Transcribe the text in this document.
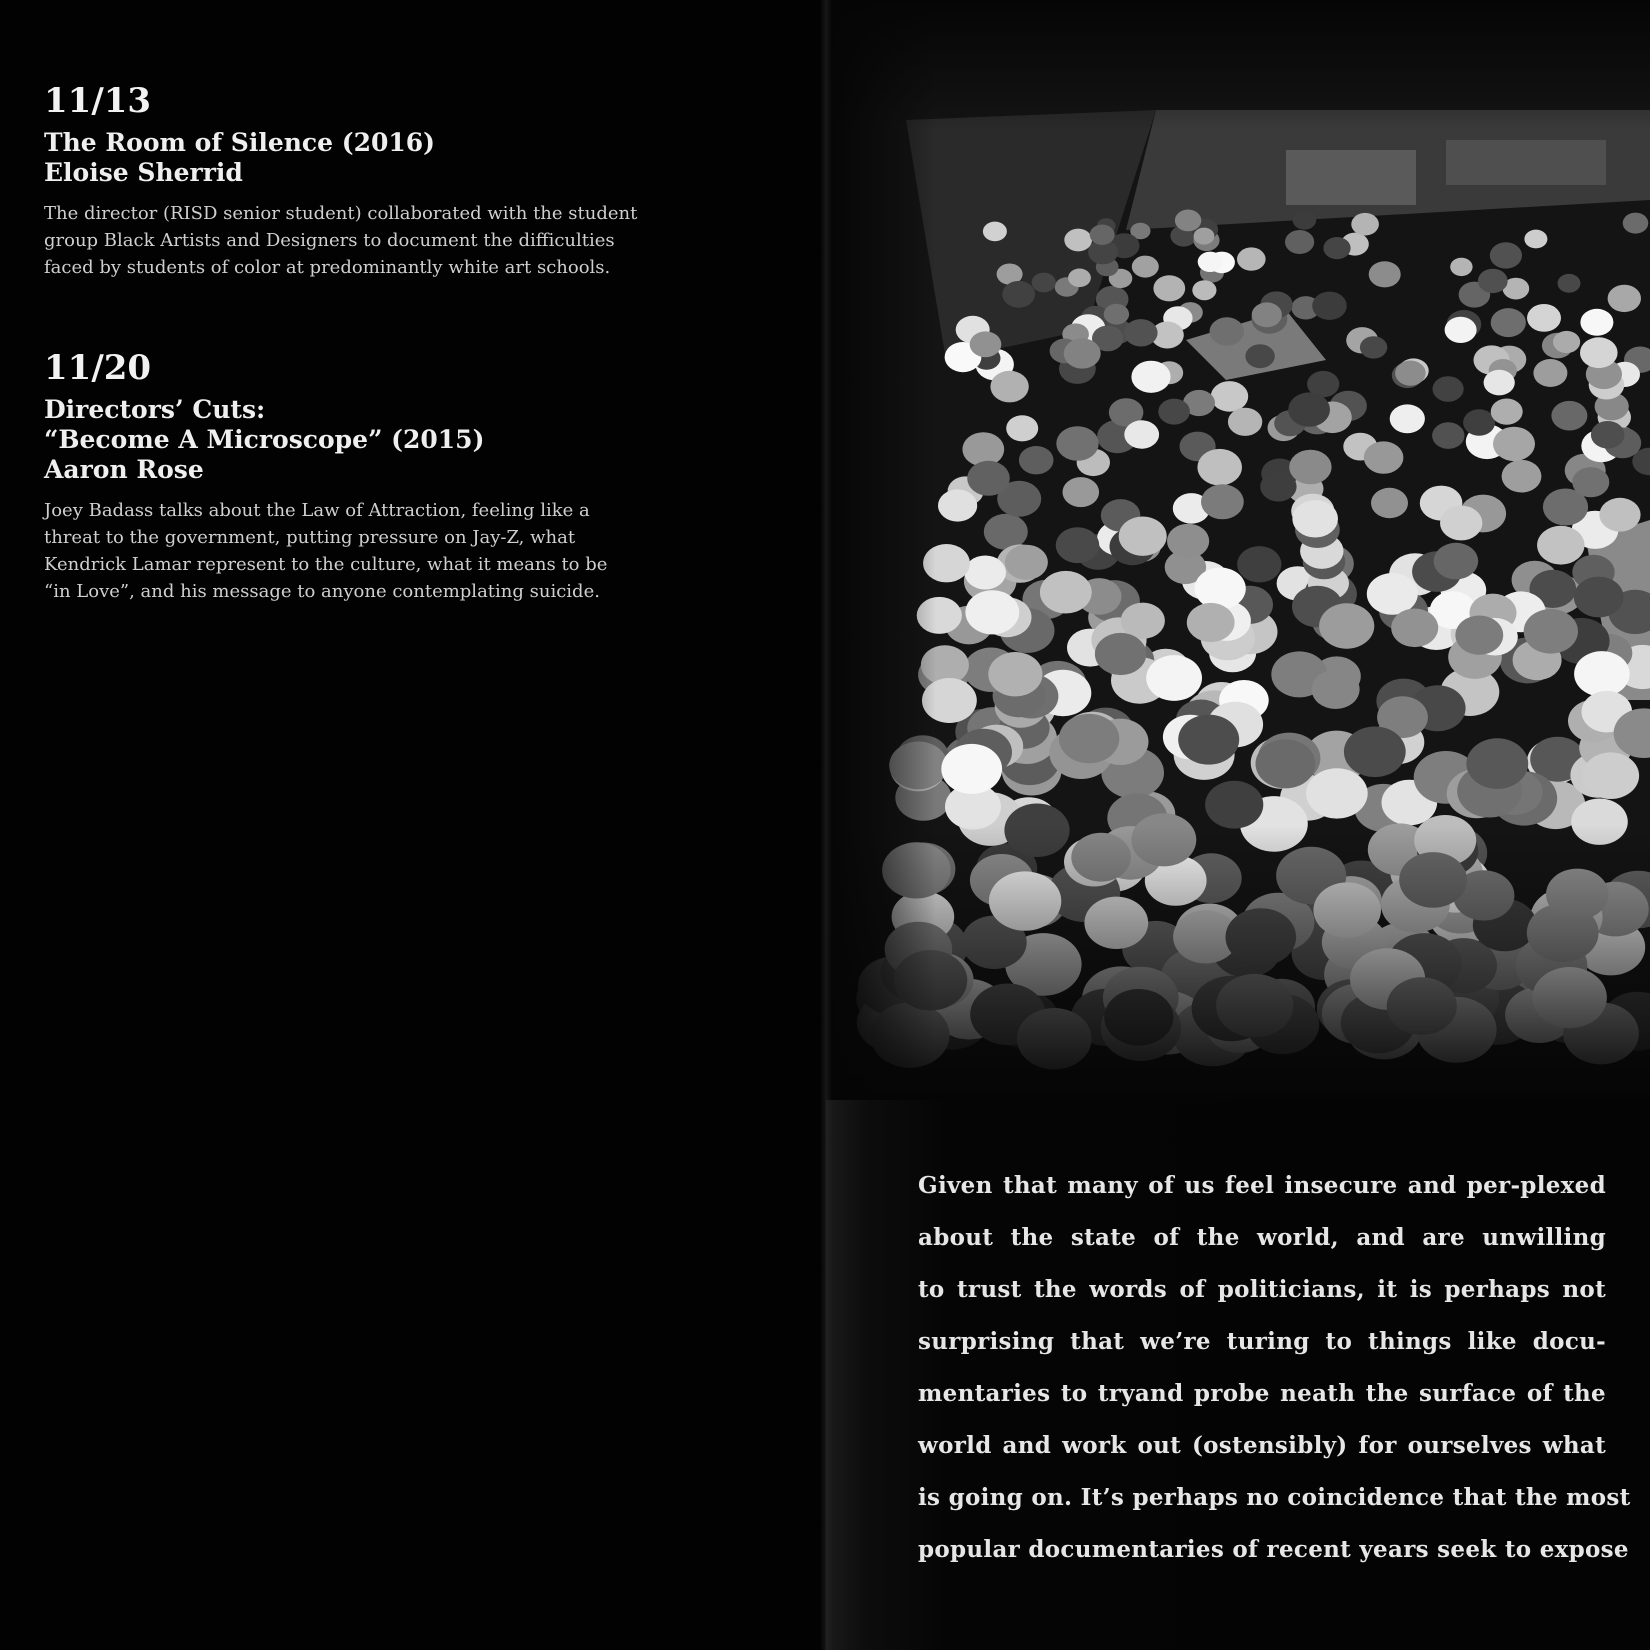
11/13
The Room of Silence (2016)
Eloise Sherrid
The director (RISD senior student) collaborated with the student
group Black Artists and Designers to document the difficulties
faced by students of color at predominantly white art schools.
11/20
Directors’ Cuts:
“Become A Microscope” (2015)
Aaron Rose
Joey Badass talks about the Law of Attraction, feeling like a
threat to the government, putting pressure on Jay-Z, what
Kendrick Lamar represent to the culture, what it means to be
“in Love”, and his message to anyone contemplating suicide.
Given that many of us feel insecure and per-plexed
about the state of the world, and are unwilling
to trust the words of politicians, it is perhaps not
surprising that we’re turing to things like docu-
mentaries to tryand probe neath the surface of the
world and work out (ostensibly) for ourselves what
is going on. It’s perhaps no coincidence that the most
popular documentaries of recent years seek to expose
